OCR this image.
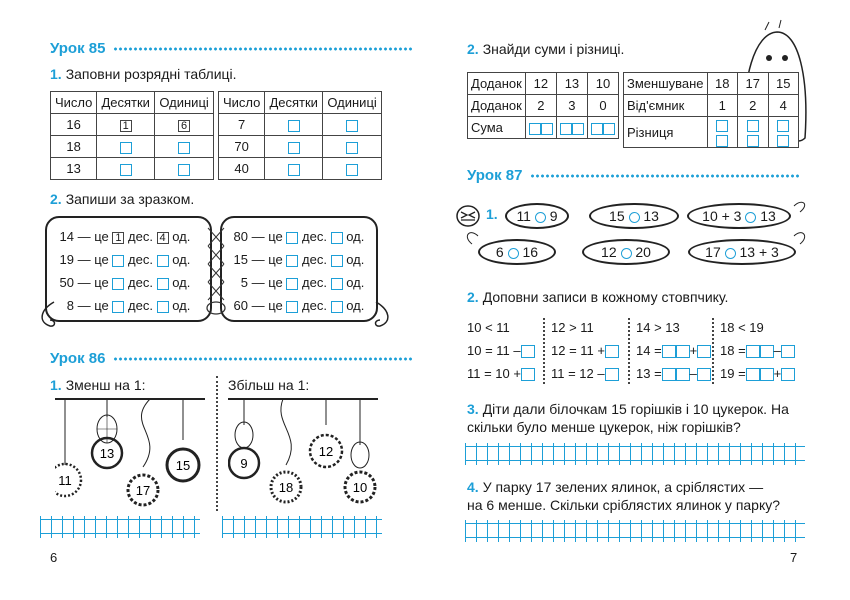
Урок 85
1. Заповни розрядні таблиці.
Число	Десятки	Одиниці
16	1	6
18		
13		
Число	Десятки	Одиниці
7		
70		
40		
2. Запиши за зразком.
14 — це 1 дес. 4 од.
19 — це дес. од.
50 — це дес. од.
8 — це дес. од.
80 — це дес. од.
15 — це дес. од.
5 — це дес. од.
60 — це дес. од.
Урок 86
1. Зменш на 1:	Збільш на 1:
13
11
17
15	9
18
12
10
6
2. Знайди суми і різниці.
Доданок	12	13	10
Доданок	2	3	0
Сума			
Зменшуване	18	17	15
Від'ємник	1	2	4
Різниця			
Урок 87
1.	11 9	15 13	10 + 3 13
6 16	12 20	17 13 + 3
2. Доповни записи в кожному стовпчику.
10 < 11
10 = 11 –
11 = 10 +
12 > 11
12 = 11 +
11 = 12 –
14 > 13
14 = +
13 = –
18 < 19
18 = –
19 = +
3. Діти дали білочкам 15 горішків і 10 цукерок. На
скільки було менше цукерок, ніж горішків?
4. У парку 17 зелених ялинок, а сріблястих —
на 6 менше. Скільки сріблястих ялинок у парку?
7
